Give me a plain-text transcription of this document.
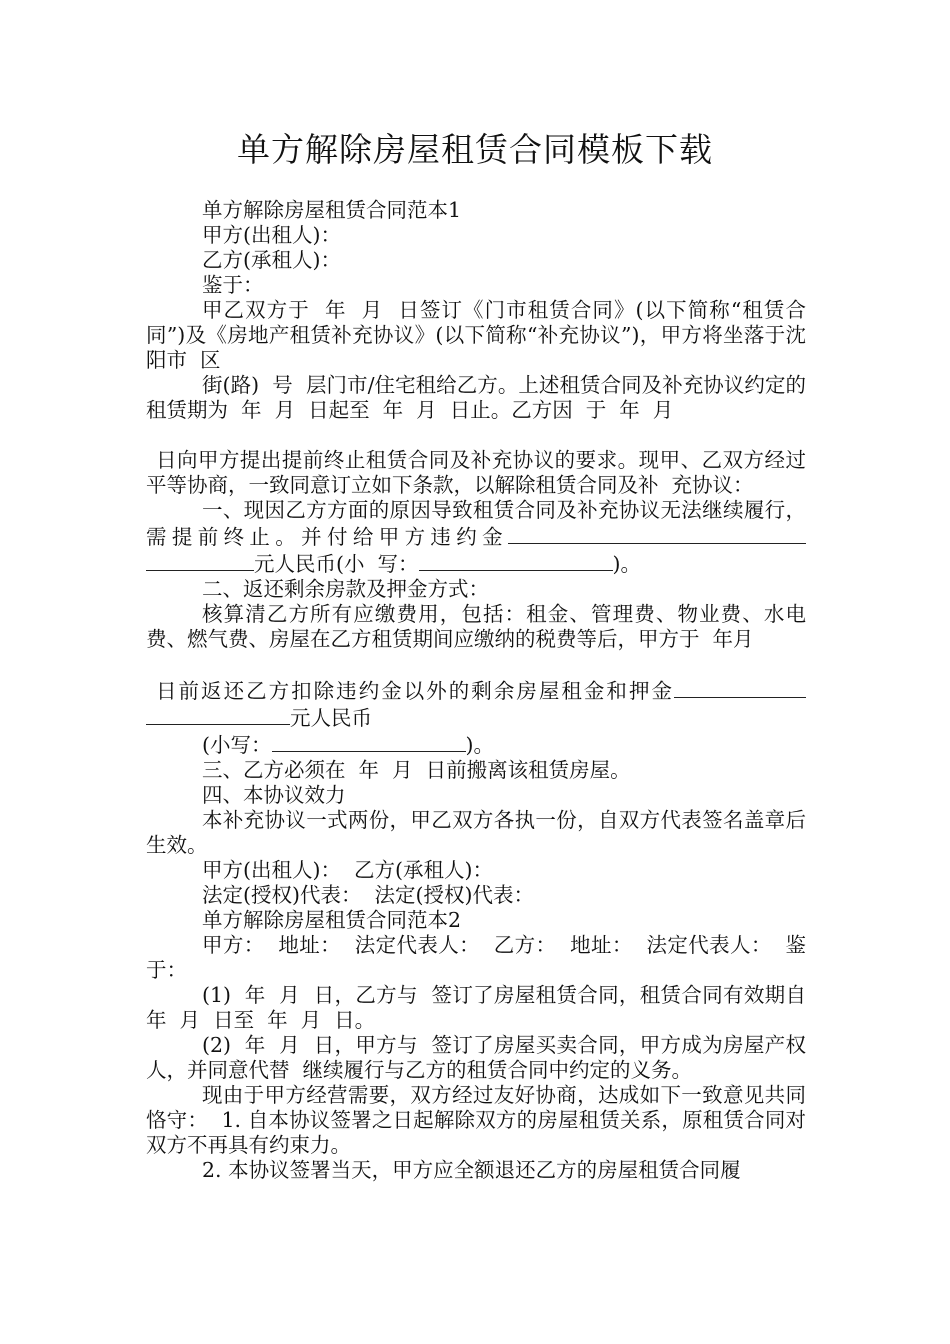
单方解除房屋租赁合同模板下载

单方解除房屋租赁合同范本1

甲方(出租人)：

乙方(承租人)：

鉴于：

甲乙双方于  年  月  日签订《门市租赁合同》(以下简称“租赁合同”)及《房地产租赁补充协议》(以下简称“补充协议”)，甲方将坐落于沈阳市  区

街(路)  号  层门市/住宅租给乙方。上述租赁合同及补充协议约定的租赁期为  年  月  日起至  年  月  日止。乙方因  于  年  月

日向甲方提出提前终止租赁合同及补充协议的要求。现甲、乙双方经过平等协商，一致同意订立如下条款，以解除租赁合同及补  充协议：

一、现因乙方方面的原因导致租赁合同及补充协议无法继续履行，需提前终止。并付给甲方违约金元人民币(小  写：	)。

二、返还剩余房款及押金方式：

核算清乙方所有应缴费用，包括：租金、管理费、物业费、水电费、燃气费、房屋在乙方租赁期间应缴纳的税费等后，甲方于  年月

日前返还乙方扣除违约金以外的剩余房屋租金和押金元人民币

(小写：	)。

三、乙方必须在  年  月  日前搬离该租赁房屋。

四、本协议效力

本补充协议一式两份，甲乙双方各执一份，自双方代表签名盖章后生效。

甲方(出租人)：  乙方(承租人)：

法定(授权)代表：  法定(授权)代表：

单方解除房屋租赁合同范本2

甲方：  地址：  法定代表人：  乙方：  地址：  法定代表人：  鉴于：

(1)  年  月  日，乙方与  签订了房屋租赁合同，租赁合同有效期自  年  月  日至  年  月  日。

(2)  年  月  日，甲方与  签订了房屋买卖合同，甲方成为房屋产权人，并同意代替  继续履行与乙方的租赁合同中约定的义务。

现由于甲方经营需要，双方经过友好协商，达成如下一致意见共同恪守：  1. 自本协议签署之日起解除双方的房屋租赁关系，原租赁合同对双方不再具有约束力。

2. 本协议签署当天，甲方应全额退还乙方的房屋租赁合同履
